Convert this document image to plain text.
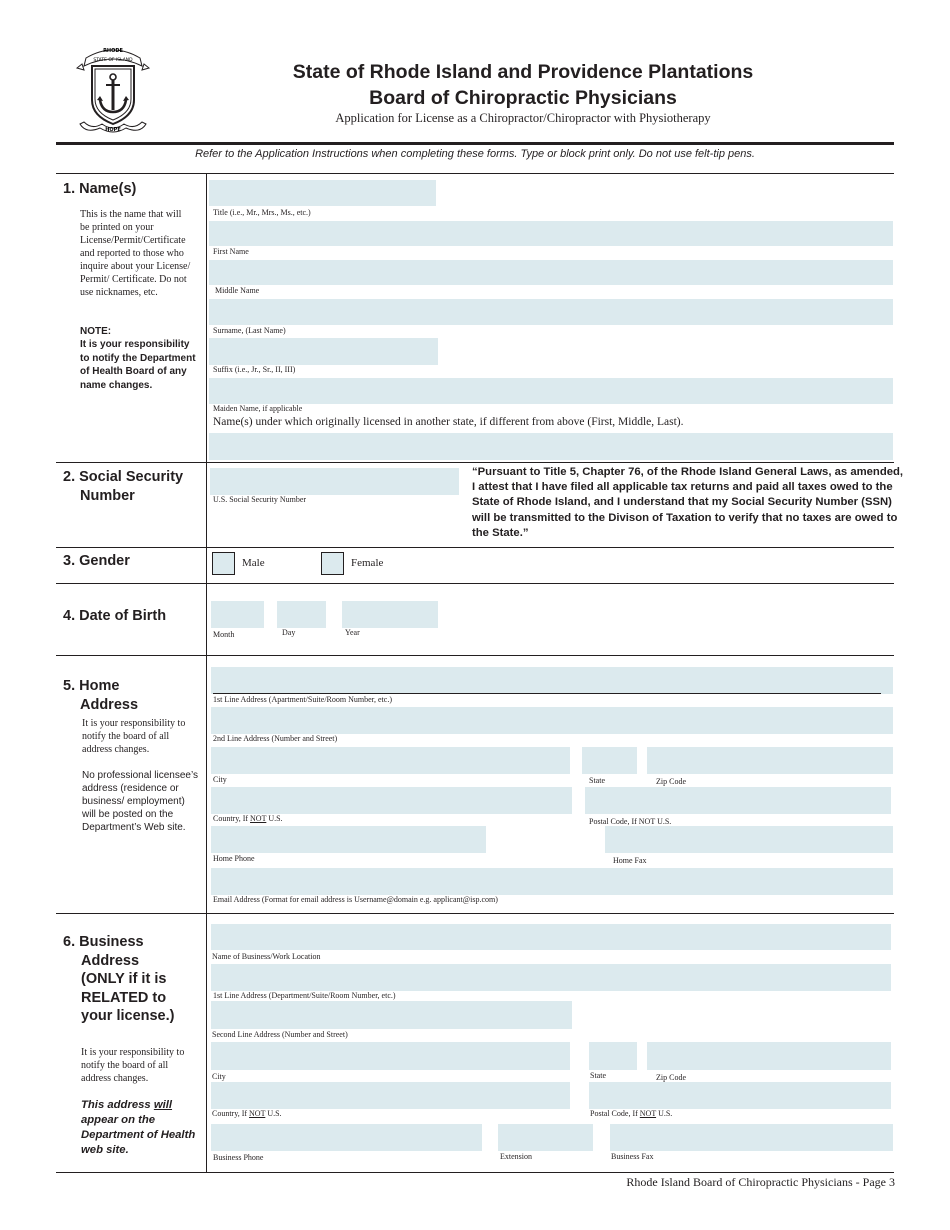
RHODE
STATE OF ISLAND
HOPE
State of Rhode Island and Providence Plantations
Board of Chiropractic Physicians
Application for License as a Chiropractor/Chiropractor with Physiotherapy
Refer to the Application Instructions when completing these forms. Type or block print only. Do not use felt-tip pens.
1. Name(s)
This is the name that will be printed on your License/Permit/Certificate and reported to those who inquire about your License/ Permit/ Certificate. Do not use nicknames, etc.
NOTE:
It is your responsibility to notify the Department of Health Board of any name changes.
Title (i.e., Mr., Mrs., Ms., etc.)
First Name
Middle Name
Surname, (Last Name)
Suffix (i.e., Jr., Sr., II, III)
Maiden Name, if applicable
Name(s) under which originally licensed in another state, if different from above (First, Middle, Last).
2. Social Security
Number	U.S. Social Security Number
“Pursuant to Title 5, Chapter 76, of the Rhode Island General Laws, as amended, I attest that I have filed all applicable tax returns and paid all taxes owed to the State of Rhode Island, and I understand that my Social Security Number (SSN) will be transmitted to the Divison of Taxation to verify that no taxes are owed to the State.”
3. Gender	Male	Female
4. Date of Birth
Month	Day	Year
5. Home
Address
It is your responsibility to notify the board of all address changes.
No professional licensee’s address (residence or business/ employment) will be posted on the Department’s Web site.
1st Line Address (Apartment/Suite/Room Number, etc.)
2nd Line Address (Number and Street)
City	State	Zip Code
Country, If NOT U.S.	Postal Code, If NOT U.S.
Home Phone	Home Fax
Email Address (Format for email address is Username@domain e.g. applicant@isp.com)
6. Business
Address
(ONLY if it is
RELATED to
your license.)
It is your responsibility to notify the board of all address changes.
This address will appear on the Department of Health web site.
Name of Business/Work Location
1st Line Address (Department/Suite/Room Number, etc.)
Second Line Address (Number and Street)
City	State	Zip Code
Country, If NOT U.S.	Postal Code, If NOT U.S.
Business Phone	Extension	Business Fax
Rhode Island Board of Chiropractic Physicians - Page 3
